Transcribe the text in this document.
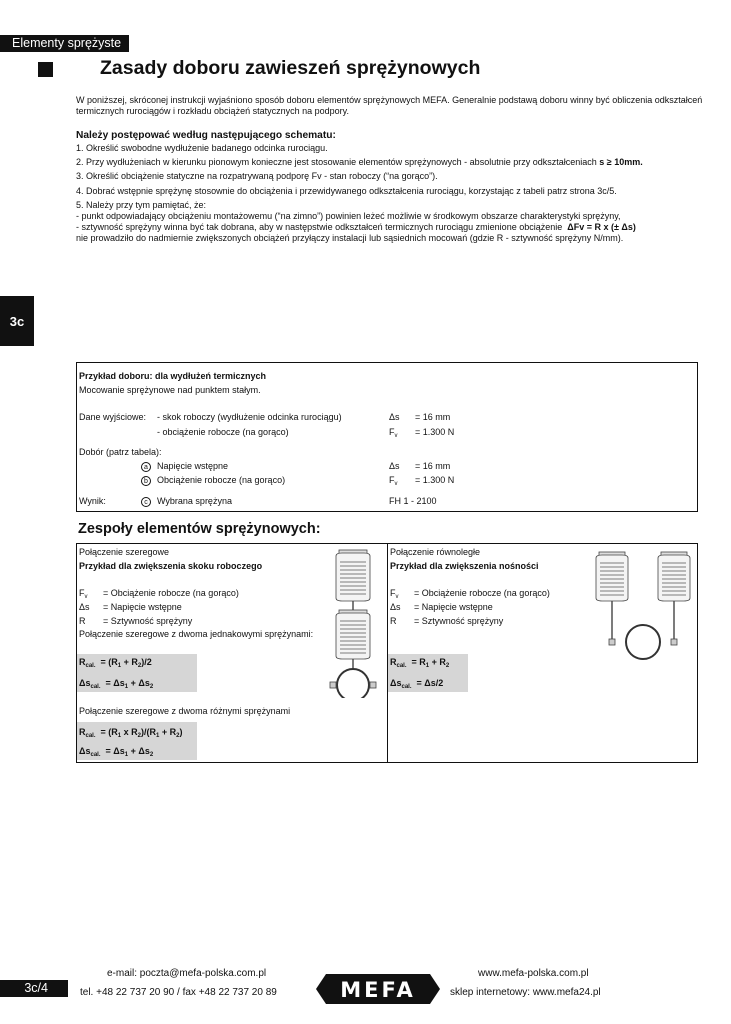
Elementy sprężyste
Zasady doboru zawieszeń sprężynowych
W poniższej, skróconej instrukcji wyjaśniono sposób doboru elementów sprężynowych MEFA. Generalnie podstawą doboru winny być obliczenia odkształceń termicznych rurociągów i rozkładu obciążeń statycznych na podpory.
Należy postępować według następującego schematu:

1. Określić swobodne wydłużenie badanego odcinka rurociągu.

2. Przy wydłużeniach w kierunku pionowym konieczne jest stosowanie elementów sprężynowych - absolutnie przy odkształceniach s ≥ 10mm.

3. Określić obciążenie statyczne na rozpatrywaną podporę Fv - stan roboczy (“na gorąco”).

4. Dobrać wstępnie sprężynę stosownie do obciążenia i przewidywanego odkształcenia rurociągu, korzystając z tabeli patrz strona 3c/5.

5. Należy przy tym pamiętać, że:

- punkt odpowiadający obciążeniu montażowemu (“na zimno”) powinien leżeć możliwie w środkowym obszarze charakterystyki sprężyny,

- sztywność sprężyny winna być tak dobrana, aby w następstwie odkształceń termicznych rurociągu zmienione obciążenie ΔFv = R x (± Δs)

nie prowadziło do nadmiernie zwiększonych obciążeń przyłączy instalacji lub sąsiednich mocowań (gdzie R - sztywność sprężyny N/mm).

3c
Przykład doboru: dla wydłużeń termicznych
Mocowanie sprężynowe nad punktem stałym.
Dane wyjściowe: - skok roboczy (wydłużenie odcinka rurociągu)	Δs = 16 mm
- obciążenie robocze (na gorąco)	$F_v = 1.300$ N
Dobór (patrz tabela):
a	Napięcie wstępne	Δs = 16 mm
b	Obciążenie robocze (na gorąco)	$F_v = 1.300$ N
Wynik:	c	Wybrana sprężyna	FH 1 - 2100
Zespoły elementów sprężynowych:
Połączenie szeregowe
Przykład dla zwiększenia skoku roboczego
$F_v$ = Obciążenie robocze (na gorąco)
Δs = Napięcie wstępne
R = Sztywność sprężyny
Połączenie szeregowe z dwoma jednakowymi sprężynami:
$R_{cal.} = (R_1 + R_2)/2$
$\Delta s_{cal.} = \Delta s_1 + \Delta s_2$
Połączenie szeregowe z dwoma różnymi sprężynami
$R_{cal.} = (R_1$ x $R_2)/(R_1 + R_2)$
$\Delta s_{cal.} = \Delta s_1 + \Delta s_2$
Połączenie równoległe
Przykład dla zwiększenia nośności
$F_v$ = Obciążenie robocze (na gorąco)
Δs = Napięcie wstępne
R = Sztywność sprężyny
$R_{cal.} = R_1 + R_2$
$\Delta s_{cal.} = \Delta s/2$
3c/4
e-mail: poczta@mefa-polska.com.pl
tel. +48 22 737 20 90 / fax +48 22 737 20 89	MEFA
www.mefa-polska.com.pl
sklep internetowy: www.mefa24.pl
